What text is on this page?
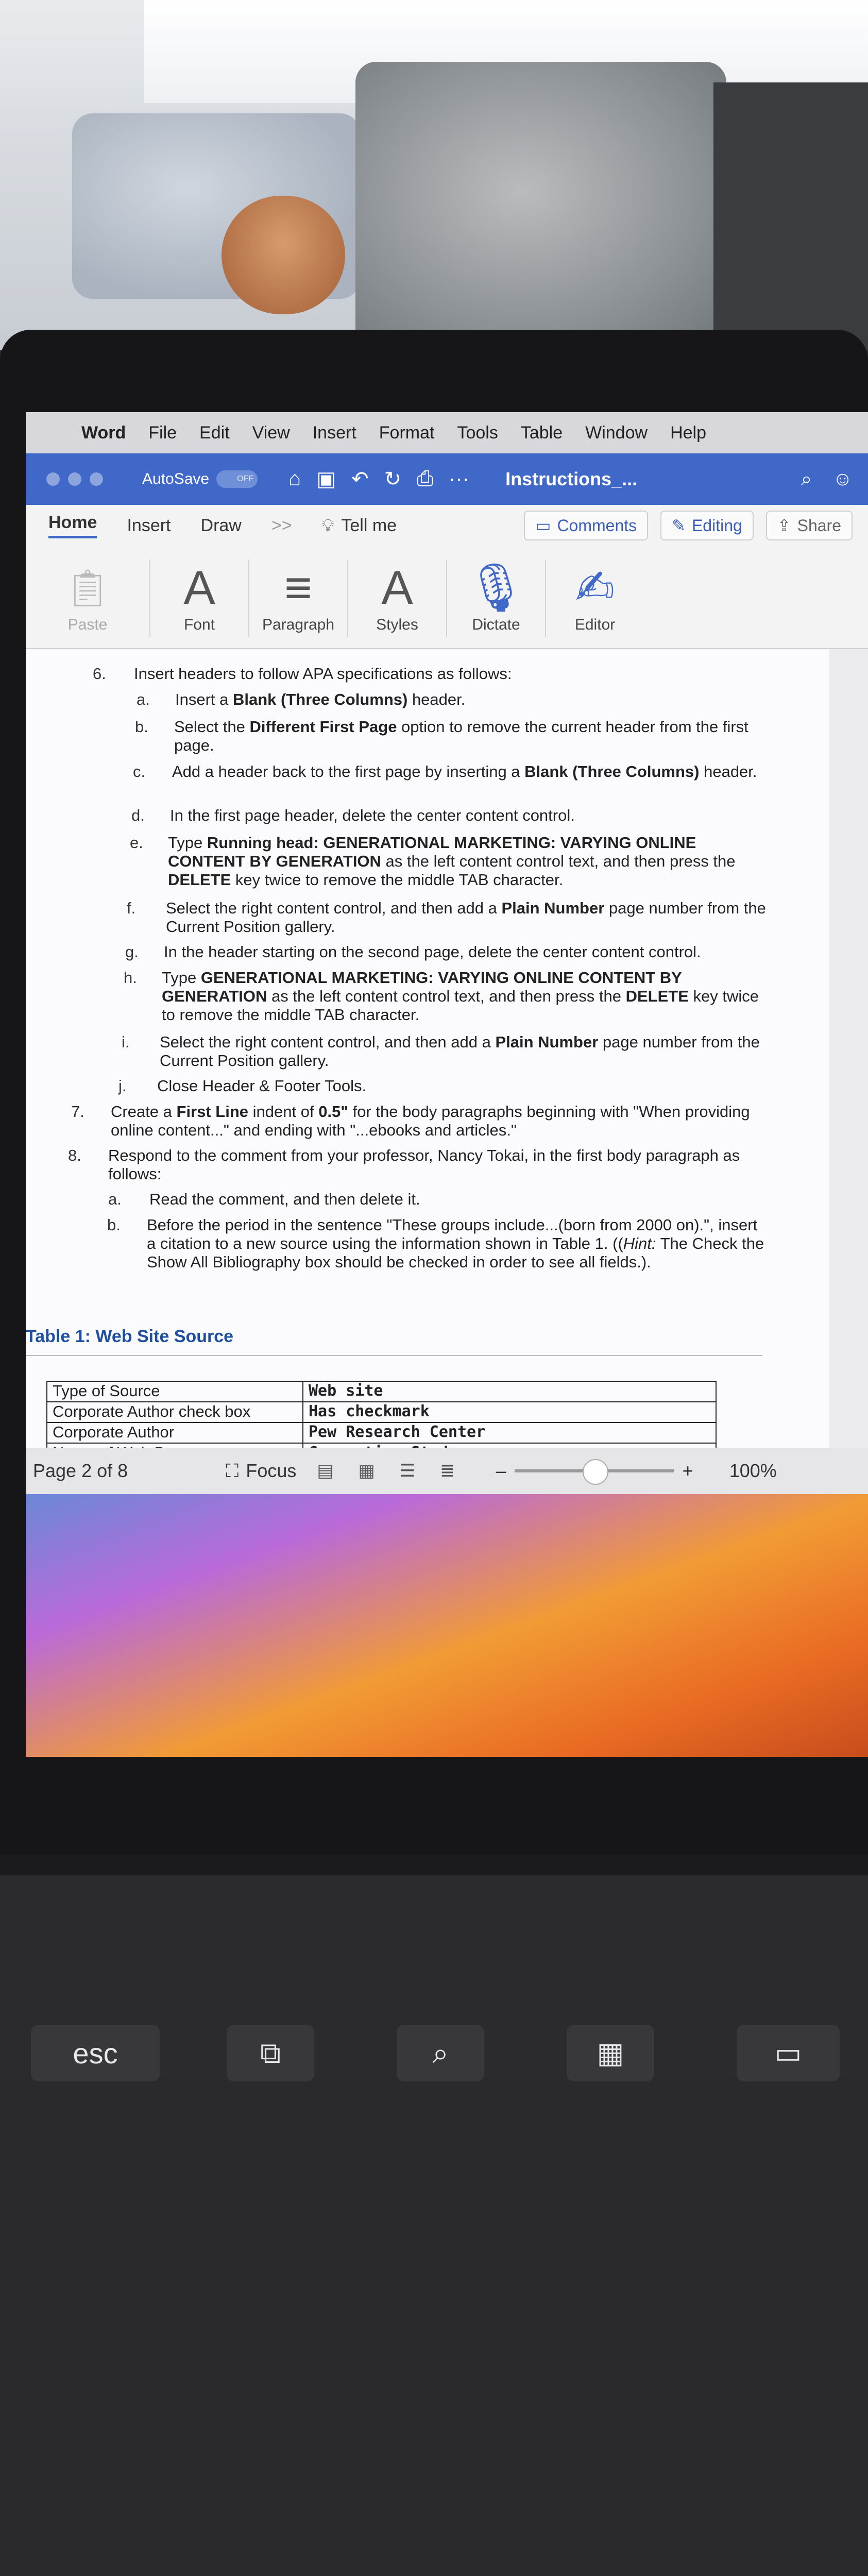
Word File Edit View Insert Format Tools Table Window Help
AutoSave	OFF ⌂ ▣ ↶ ↻ ⎙ ··· Instructions_...	⌕ ☺
Home Insert Draw >> 💡︎ Tell me	▭ Comments ✎ Editing ⇪ Share
📋︎
Paste
A
Font
≡
Paragraph
A
Styles
🎙︎
Dictate
✍︎
Editor
Table 1: Web Site Source
Type of Source	Web site
Corporate Author check box	Has checkmark
Corporate Author	Pew Research Center

6. Insert headers to follow APA specifications as follows:
a. Insert a Blank (Three Columns) header.
b. Select the Different First Page option to remove the current header from the first page.
c. Add a header back to the first page by inserting a Blank (Three Columns) header.
d. In the first page header, delete the center content control.
e. Type Running head: GENERATIONAL MARKETING: VARYING ONLINE CONTENT BY GENERATION as the left content control text, and then press the DELETE key twice to remove the middle TAB character.
f. Select the right content control, and then add a Plain Number page number from the Current Position gallery.
g. In the header starting on the second page, delete the center content control.
h. Type GENERATIONAL MARKETING: VARYING ONLINE CONTENT BY GENERATION as the left content control text, and then press the DELETE key twice to remove the middle TAB character.
i. Select the right content control, and then add a Plain Number page number from the Current Position gallery.
j. Close Header & Footer Tools.
7. Create a First Line indent of 0.5" for the body paragraphs beginning with "When providing online content..." and ending with "...ebooks and articles."
8. Respond to the comment from your professor, Nancy Tokai, in the first body paragraph as follows:
a. Read the comment, and then delete it.
b. Before the period in the sentence "These groups include...(born from 2000 on).", insert a citation to a new source using the information shown in Table 1. ((Hint: The Check the Show All Bibliography box should be checked in order to see all fields.).
Page 2 of 8	⛶ Focus ▤ ▦ ☰ ≣ –	+ 100%
esc	⧉	⌕	▦	▭
